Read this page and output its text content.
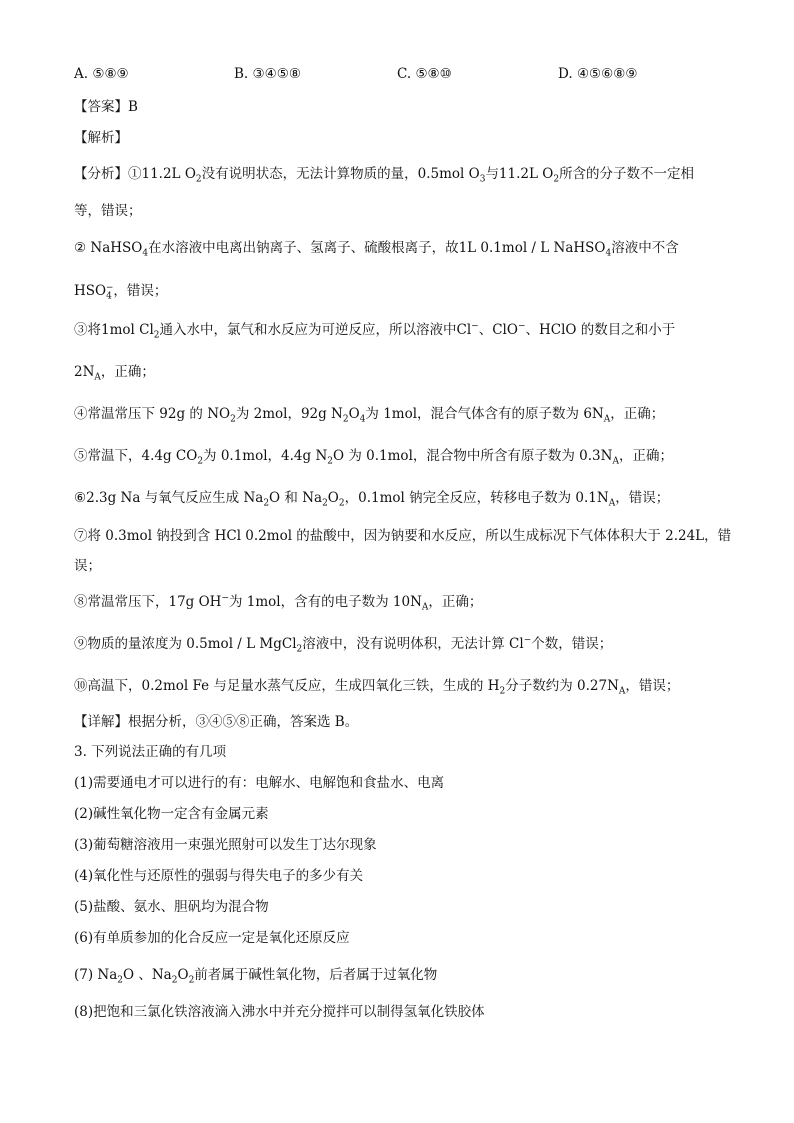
A. ⑤⑧⑨	B. ③④⑤⑧	C. ⑤⑧⑩	D. ④⑤⑥⑧⑨
【答案】B
【解析】
【分析】①11.2L $O_2$没有说明状态，无法计算物质的量，0.5mol $O_3$与11.2L $O_2$所含的分子数不一定相
等，错误；
② NaHSO$_4$在水溶液中电离出钠离子、氢离子、硫酸根离子，故1L 0.1mol / L NaHSO$_4$溶液中不含
$HSO_4^-$，错误；
③将1mol $Cl_2$通入水中，氯气和水反应为可逆反应，所以溶液中Cl−、ClO−、HClO 的数目之和小于
$2N_A$，正确；
④常温常压下 92g 的 $NO_2$为 2mol，92g $N_2O_4$为 1mol，混合气体含有的原子数为 $6N_A$，正确；
⑤常温下，4.4g $CO_2$为 0.1mol，4.4g $N_2O$ 为 0.1mol，混合物中所含有原子数为 $0.3N_A$，正确；
⑥2.3g Na 与氧气反应生成 $Na_2O$ 和 $Na_2O_2$，0.1mol 钠完全反应，转移电子数为 $0.1N_A$，错误；
⑦将 0.3mol 钠投到含 HCl 0.2mol 的盐酸中，因为钠要和水反应，所以生成标况下气体体积大于 2.24L，错
误；
⑧常温常压下，17g OH−为 1mol，含有的电子数为 $10N_A$，正确；
⑨物质的量浓度为 0.5mol / L MgCl$_2$溶液中，没有说明体积，无法计算 Cl−个数，错误；
⑩高温下，0.2mol Fe 与足量水蒸气反应，生成四氧化三铁，生成的 $H_2$分子数约为 $0.27N_A$，错误；
【详解】根据分析，③④⑤⑧正确，答案选 B。
3. 下列说法正确的有几项
(1)需要通电才可以进行的有：电解水、电解饱和食盐水、电离
(2)碱性氧化物一定含有金属元素
(3)葡萄糖溶液用一束强光照射可以发生丁达尔现象
(4)氧化性与还原性的强弱与得失电子的多少有关
(5)盐酸、氨水、胆矾均为混合物
(6)有单质参加的化合反应一定是氧化还原反应
(7) $Na_2O$ 、$Na_2O_2$前者属于碱性氧化物，后者属于过氧化物
(8)把饱和三氯化铁溶液滴入沸水中并充分搅拌可以制得氢氧化铁胶体
